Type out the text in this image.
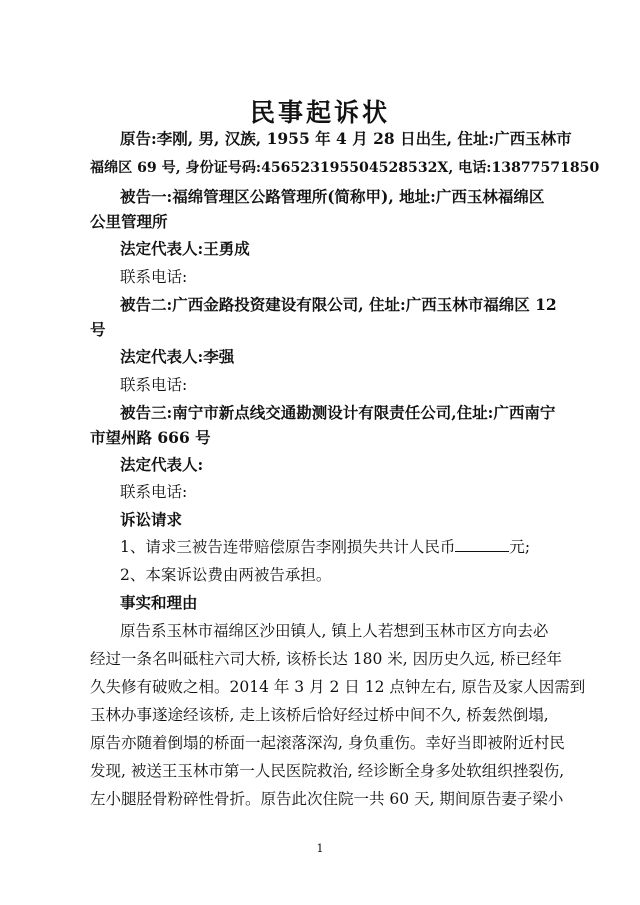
民事起诉状
原告:李刚, 男, 汉族, 1955 年 4 月 28 日出生, 住址:广西玉林市
福绵区 69 号, 身份证号码:456523195504528532X, 电话:13877571850
被告一:福绵管理区公路管理所(简称甲), 地址:广西玉林福绵区
公里管理所
法定代表人:王勇成
联系电话:
被告二:广西金路投资建设有限公司, 住址:广西玉林市福绵区 12
号
法定代表人:李强
联系电话:
被告三:南宁市新点线交通勘测设计有限责任公司,住址:广西南宁
市望州路 666 号
法定代表人:
联系电话:
诉讼请求
1、请求三被告连带赔偿原告李刚损失共计人民币	元;
2、本案诉讼费由两被告承担。
事实和理由
原告系玉林市福绵区沙田镇人, 镇上人若想到玉林市区方向去必
经过一条名叫砥柱六司大桥, 该桥长达 180 米, 因历史久远, 桥已经年
久失修有破败之相。2014 年 3 月 2 日 12 点钟左右, 原告及家人因需到
玉林办事遂途经该桥, 走上该桥后恰好经过桥中间不久, 桥轰然倒塌,
原告亦随着倒塌的桥面一起滚落深沟, 身负重伤。幸好当即被附近村民
发现, 被送王玉林市第一人民医院救治, 经诊断全身多处软组织挫裂伤,
左小腿胫骨粉碎性骨折。原告此次住院一共 60 天, 期间原告妻子梁小
1
